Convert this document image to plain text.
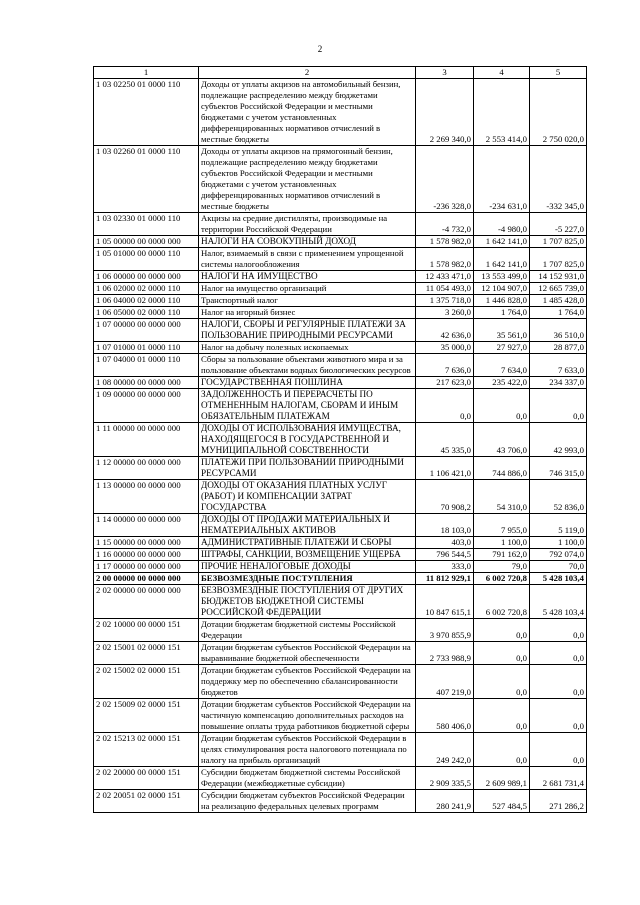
2
1	2	3	4	5
1 03 02250 01 0000 110	Доходы от уплаты акцизов на автомобильный бензин, подлежащие распределению между бюджетами субъектов Российской Федерации и местными бюджетами с учетом установленных дифференцированных нормативов отчислений в местные бюджеты	2 269 340,0	2 553 414,0	2 750 020,0
1 03 02260 01 0000 110	Доходы от уплаты акцизов на прямогонный бензин, подлежащие распределению между бюджетами субъектов Российской Федерации и местными бюджетами с учетом установленных дифференцированных нормативов отчислений в местные бюджеты	-236 328,0	-234 631,0	-332 345,0
1 03 02330 01 0000 110	Акцизы на средние дистилляты, производимые на территории Российской Федерации	-4 732,0	-4 980,0	-5 227,0
1 05 00000 00 0000 000	НАЛОГИ НА СОВОКУПНЫЙ ДОХОД	1 578 982,0	1 642 141,0	1 707 825,0
1 05 01000 00 0000 110	Налог, взимаемый в связи с применением упрощенной системы налогообложения	1 578 982,0	1 642 141,0	1 707 825,0
1 06 00000 00 0000 000	НАЛОГИ НА ИМУЩЕСТВО	12 433 471,0	13 553 499,0	14 152 931,0
1 06 02000 02 0000 110	Налог на имущество организаций	11 054 493,0	12 104 907,0	12 665 739,0
1 06 04000 02 0000 110	Транспортный налог	1 375 718,0	1 446 828,0	1 485 428,0
1 06 05000 02 0000 110	Налог на игорный бизнес	3 260,0	1 764,0	1 764,0
1 07 00000 00 0000 000	НАЛОГИ, СБОРЫ И РЕГУЛЯРНЫЕ ПЛАТЕЖИ ЗА ПОЛЬЗОВАНИЕ ПРИРОДНЫМИ РЕСУРСАМИ	42 636,0	35 561,0	36 510,0
1 07 01000 01 0000 110	Налог на добычу полезных ископаемых	35 000,0	27 927,0	28 877,0
1 07 04000 01 0000 110	Сборы за пользование объектами животного мира и за пользование объектами водных биологических ресурсов	7 636,0	7 634,0	7 633,0
1 08 00000 00 0000 000	ГОСУДАРСТВЕННАЯ ПОШЛИНА	217 623,0	235 422,0	234 337,0
1 09 00000 00 0000 000	ЗАДОЛЖЕННОСТЬ И ПЕРЕРАСЧЕТЫ ПО ОТМЕНЕННЫМ НАЛОГАМ, СБОРАМ И ИНЫМ ОБЯЗАТЕЛЬНЫМ ПЛАТЕЖАМ	0,0	0,0	0,0
1 11 00000 00 0000 000	ДОХОДЫ ОТ ИСПОЛЬЗОВАНИЯ ИМУЩЕСТВА, НАХОДЯЩЕГОСЯ В ГОСУДАРСТВЕННОЙ И МУНИЦИПАЛЬНОЙ СОБСТВЕННОСТИ	45 335,0	43 706,0	42 993,0
1 12 00000 00 0000 000	ПЛАТЕЖИ ПРИ ПОЛЬЗОВАНИИ ПРИРОДНЫМИ РЕСУРСАМИ	1 106 421,0	744 886,0	746 315,0
1 13 00000 00 0000 000	ДОХОДЫ ОТ ОКАЗАНИЯ ПЛАТНЫХ УСЛУГ (РАБОТ) И КОМПЕНСАЦИИ ЗАТРАТ ГОСУДАРСТВА	70 908,2	54 310,0	52 836,0
1 14 00000 00 0000 000	ДОХОДЫ ОТ ПРОДАЖИ МАТЕРИАЛЬНЫХ И НЕМАТЕРИАЛЬНЫХ АКТИВОВ	18 103,0	7 955,0	5 119,0
1 15 00000 00 0000 000	АДМИНИСТРАТИВНЫЕ ПЛАТЕЖИ И СБОРЫ	403,0	1 100,0	1 100,0
1 16 00000 00 0000 000	ШТРАФЫ, САНКЦИИ, ВОЗМЕЩЕНИЕ УЩЕРБА	796 544,5	791 162,0	792 074,0
1 17 00000 00 0000 000	ПРОЧИЕ НЕНАЛОГОВЫЕ ДОХОДЫ	333,0	79,0	70,0
2 00 00000 00 0000 000	БЕЗВОЗМЕЗДНЫЕ ПОСТУПЛЕНИЯ	11 812 929,1	6 002 720,8	5 428 103,4
2 02 00000 00 0000 000	БЕЗВОЗМЕЗДНЫЕ ПОСТУПЛЕНИЯ ОТ ДРУГИХ БЮДЖЕТОВ БЮДЖЕТНОЙ СИСТЕМЫ РОССИЙСКОЙ ФЕДЕРАЦИИ	10 847 615,1	6 002 720,8	5 428 103,4
2 02 10000 00 0000 151	Дотации бюджетам бюджетной системы Российской Федерации	3 970 855,9	0,0	0,0
2 02 15001 02 0000 151	Дотации бюджетам субъектов Российской Федерации на выравнивание бюджетной обеспеченности	2 733 988,9	0,0	0,0
2 02 15002 02 0000 151	Дотации бюджетам субъектов Российской Федерации на поддержку мер по обеспечению сбалансированности бюджетов	407 219,0	0,0	0,0
2 02 15009 02 0000 151	Дотации бюджетам субъектов Российской Федерации на частичную компенсацию дополнительных расходов на повышение оплаты труда работников бюджетной сферы	580 406,0	0,0	0,0
2 02 15213 02 0000 151	Дотации бюджетам субъектов Российской Федерации в целях стимулирования роста налогового потенциала по налогу на прибыль организаций	249 242,0	0,0	0,0
2 02 20000 00 0000 151	Субсидии бюджетам бюджетной системы Российской Федерации (межбюджетные субсидии)	2 909 335,5	2 609 989,1	2 681 731,4
2 02 20051 02 0000 151	Субсидии бюджетам субъектов Российской Федерации на реализацию федеральных целевых программ	280 241,9	527 484,5	271 286,2
